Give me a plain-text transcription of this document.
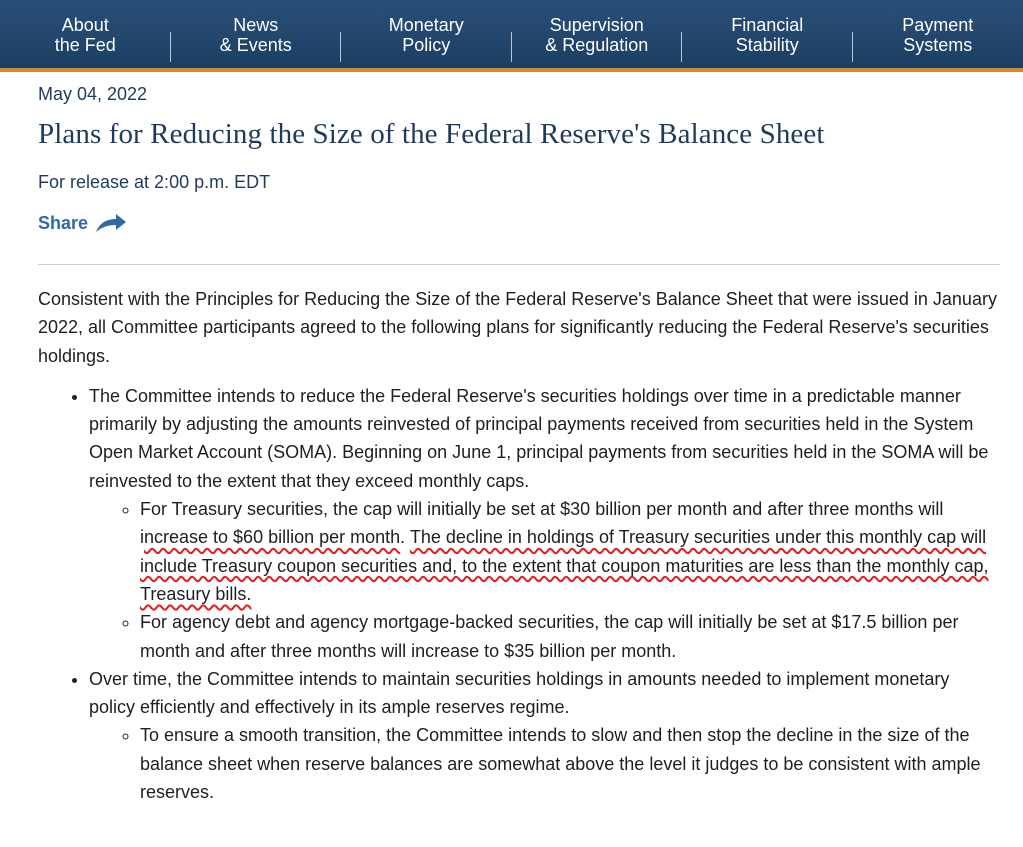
About
the Fed
News
& Events
Monetary
Policy
Supervision
& Regulation
Financial
Stability
Payment
Systems
May 04, 2022
Plans for Reducing the Size of the Federal Reserve's Balance Sheet
For release at 2:00 p.m. EDT
Share

Consistent with the Principles for Reducing the Size of the Federal Reserve's Balance Sheet that were issued in January 2022, all Committee participants agreed to the following plans for significantly reducing the Federal Reserve's securities holdings.

• The Committee intends to reduce the Federal Reserve's securities holdings over time in a predictable manner primarily by adjusting the amounts reinvested of principal payments received from securities held in the System Open Market Account (SOMA). Beginning on June 1, principal payments from securities held in the SOMA will be reinvested to the extent that they exceed monthly caps.
◦ For Treasury securities, the cap will initially be set at $30 billion per month and after three months will increase to $60 billion per month. The decline in holdings of Treasury securities under this monthly cap will include Treasury coupon securities and, to the extent that coupon maturities are less than the monthly cap, Treasury bills.
◦ For agency debt and agency mortgage-backed securities, the cap will initially be set at $17.5 billion per month and after three months will increase to $35 billion per month.
• Over time, the Committee intends to maintain securities holdings in amounts needed to implement monetary policy efficiently and effectively in its ample reserves regime.
◦ To ensure a smooth transition, the Committee intends to slow and then stop the decline in the size of the balance sheet when reserve balances are somewhat above the level it judges to be consistent with ample reserves.
